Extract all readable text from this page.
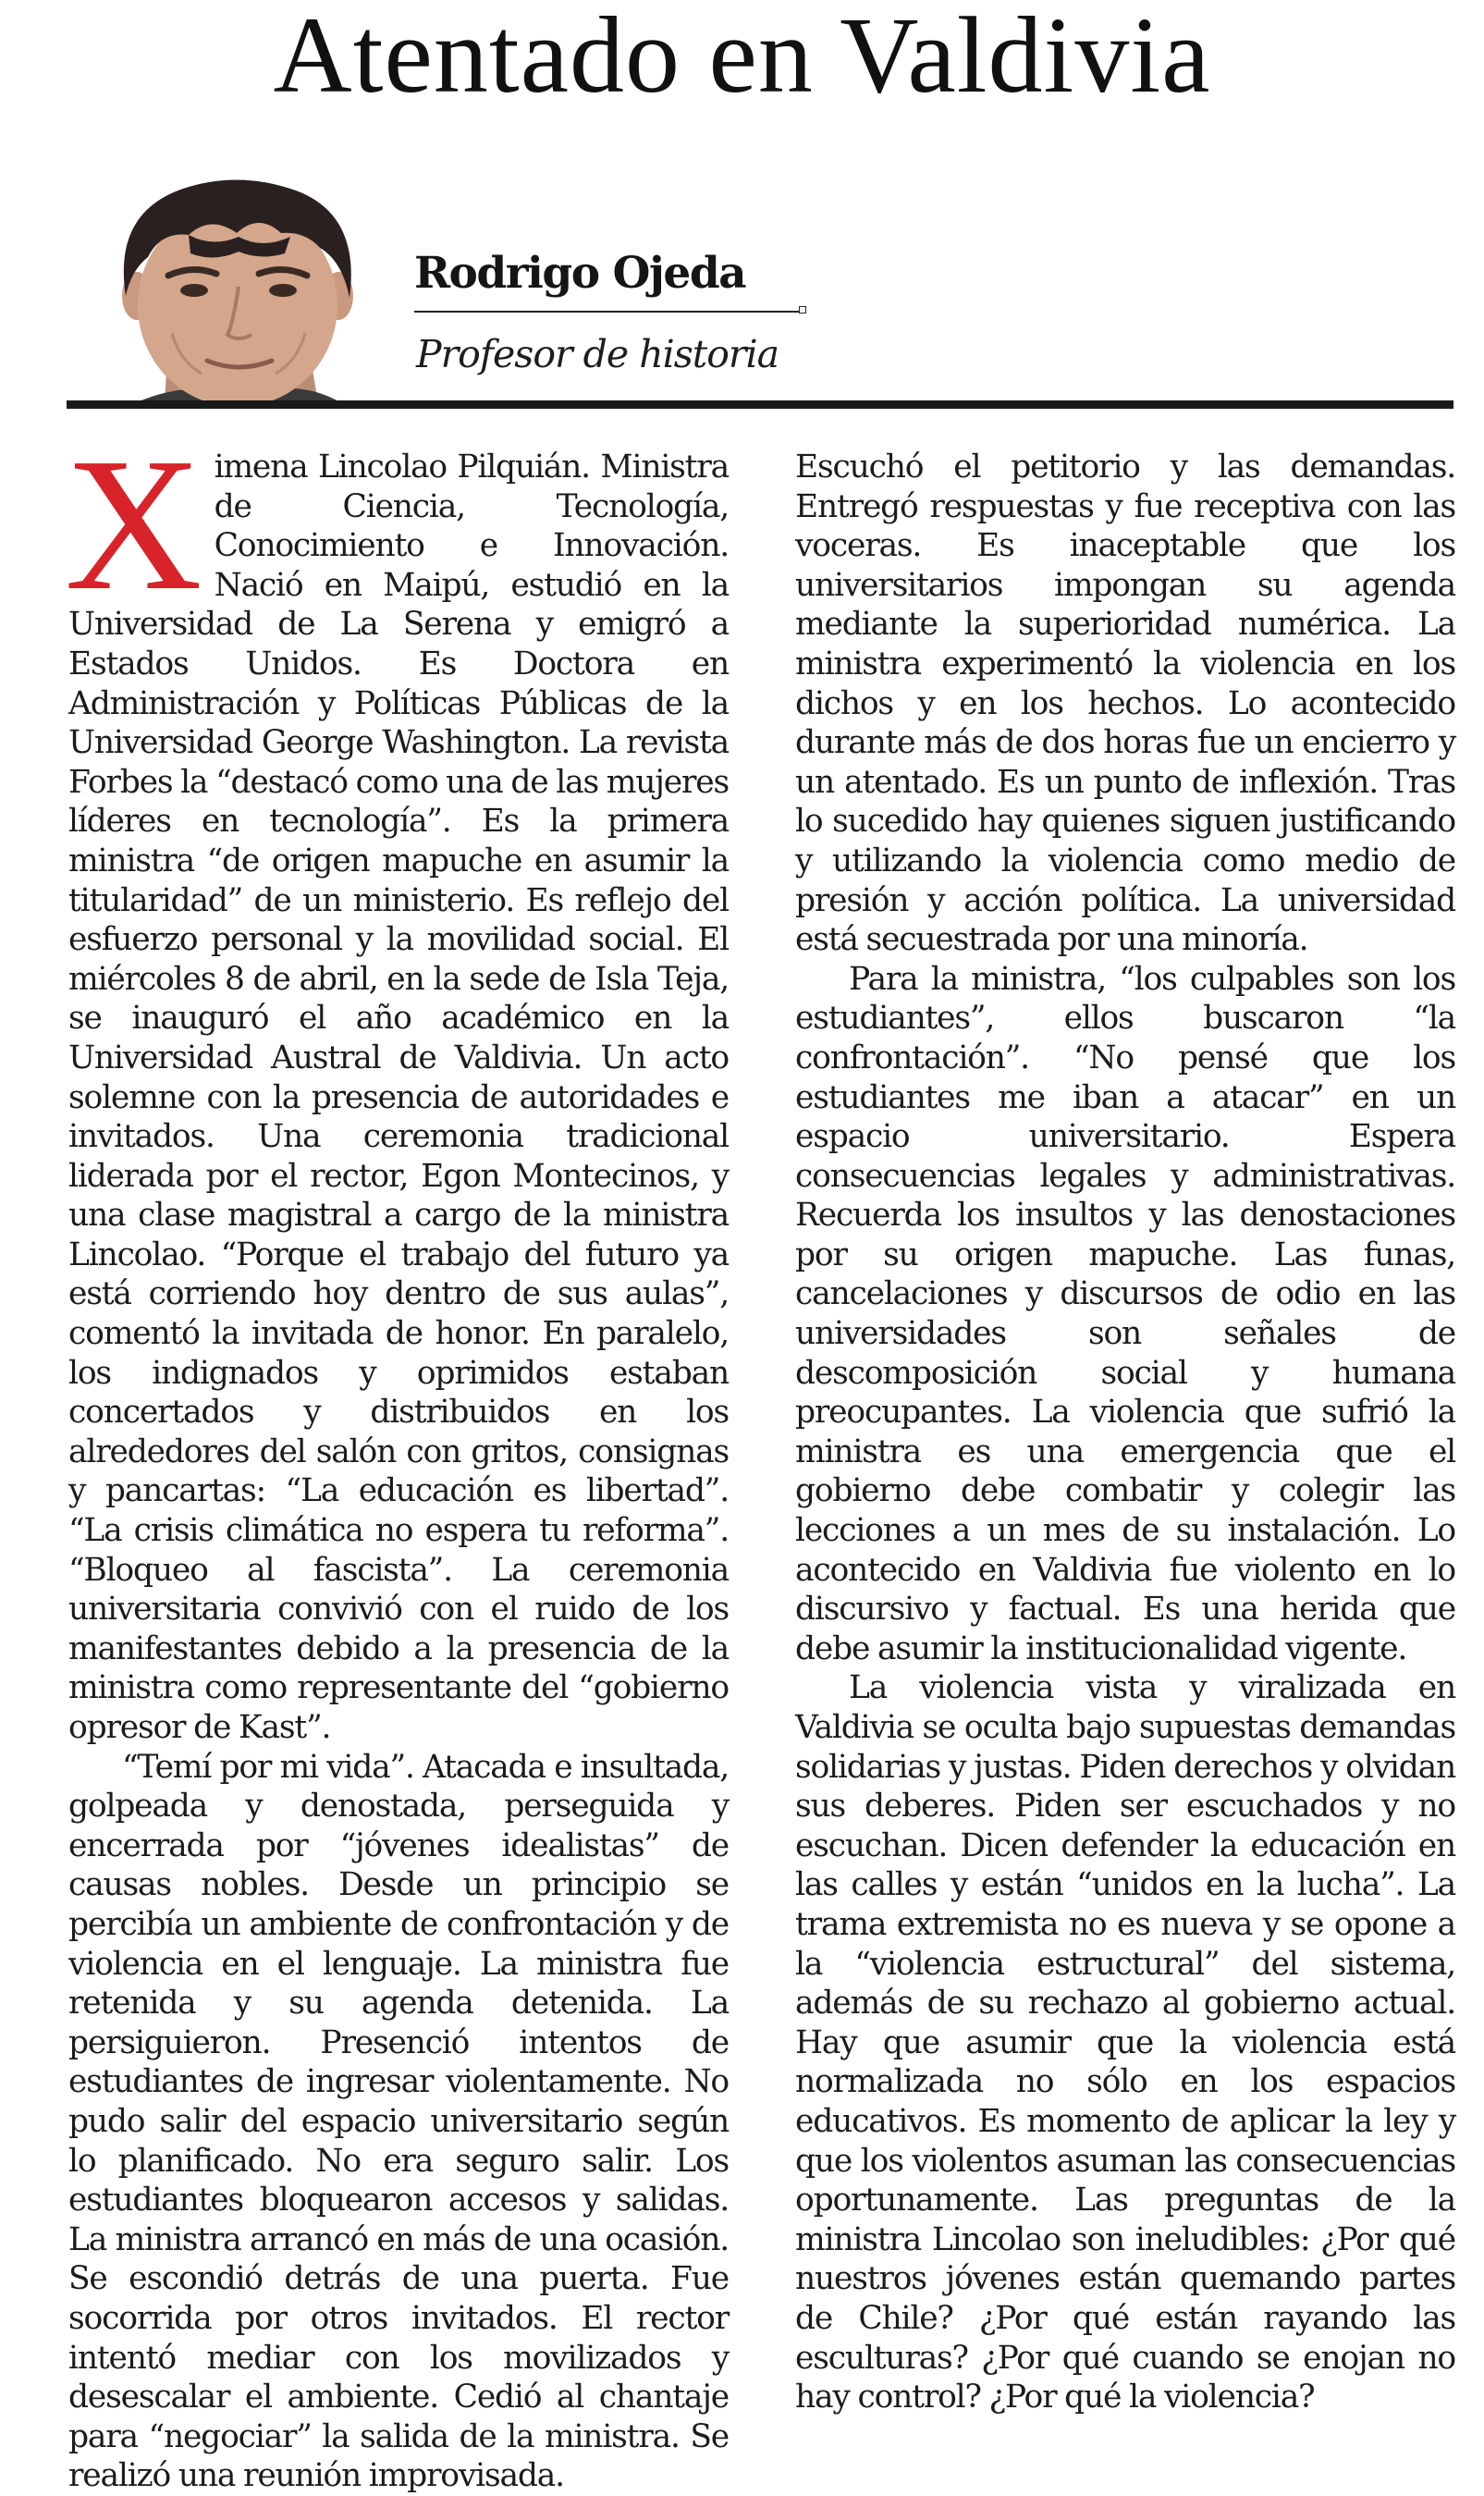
Atentado en Valdivia
Rodrigo Ojeda

Profesor de historia

Ximena Lincolao Pilquián. Ministra de Ciencia, Tecnología, Conocimiento e Innovación. Nació en Maipú, estudió en la Universidad de La Serena y emigró a Estados Unidos. Es Doctora en Administración y Políticas Públicas de la Universidad George Washington. La revista Forbes la “destacó como una de las mujeres líderes en tecnología”. Es la primera ministra “de origen mapuche en asumir la titularidad” de un ministerio. Es reflejo del esfuerzo personal y la movilidad social. El miércoles 8 de abril, en la sede de Isla Teja, se inauguró el año académico en la Universidad Austral de Valdivia. Un acto solemne con la presencia de autoridades e invitados. Una ceremonia tradicional liderada por el rector, Egon Montecinos, y una clase magistral a cargo de la ministra Lincolao. “Porque el trabajo del futuro ya está corriendo hoy dentro de sus aulas”, comentó la invitada de honor. En paralelo, los indignados y oprimidos estaban concertados y distribuidos en los alrededores del salón con gritos, consignas y pancartas: “La educación es libertad”. “La crisis climática no espera tu reforma”. “Bloqueo al fascista”. La ceremonia universitaria convivió con el ruido de los manifestantes debido a la presencia de la ministra como representante del “gobierno opresor de Kast”.

“Temí por mi vida”. Atacada e insultada, golpeada y denostada, perseguida y encerrada por “jóvenes idealistas” de causas nobles. Desde un principio se percibía un ambiente de confrontación y de violencia en el lenguaje. La ministra fue retenida y su agenda detenida. La persiguieron. Presenció intentos de estudiantes de ingresar violentamente. No pudo salir del espacio universitario según lo planificado. No era seguro salir. Los estudiantes bloquearon accesos y salidas. La ministra arrancó en más de una ocasión. Se escondió detrás de una puerta. Fue socorrida por otros invitados. El rector intentó mediar con los movilizados y desescalar el ambiente. Cedió al chantaje para “negociar” la salida de la ministra. Se realizó una reunión improvisada.

Escuchó el petitorio y las demandas. Entregó respuestas y fue receptiva con las voceras. Es inaceptable que los universitarios impongan su agenda mediante la superioridad numérica. La ministra experimentó la violencia en los dichos y en los hechos. Lo acontecido durante más de dos horas fue un encierro y un atentado. Es un punto de inflexión. Tras lo sucedido hay quienes siguen justificando y utilizando la violencia como medio de presión y acción política. La universidad está secuestrada por una minoría.

Para la ministra, “los culpables son los estudiantes”, ellos buscaron “la confrontación”. “No pensé que los estudiantes me iban a atacar” en un espacio universitario. Espera consecuencias legales y administrativas. Recuerda los insultos y las denostaciones por su origen mapuche. Las funas, cancelaciones y discursos de odio en las universidades son señales de descomposición social y humana preocupantes. La violencia que sufrió la ministra es una emergencia que el gobierno debe combatir y colegir las lecciones a un mes de su instalación. Lo acontecido en Valdivia fue violento en lo discursivo y factual. Es una herida que debe asumir la institucionalidad vigente.

La violencia vista y viralizada en Valdivia se oculta bajo supuestas demandas solidarias y justas. Piden derechos y olvidan sus deberes. Piden ser escuchados y no escuchan. Dicen defender la educación en las calles y están “unidos en la lucha”. La trama extremista no es nueva y se opone a la “violencia estructural” del sistema, además de su rechazo al gobierno actual. Hay que asumir que la violencia está normalizada no sólo en los espacios educativos. Es momento de aplicar la ley y que los violentos asuman las consecuencias oportunamente. Las preguntas de la ministra Lincolao son ineludibles: ¿Por qué nuestros jóvenes están quemando partes de Chile? ¿Por qué están rayando las esculturas? ¿Por qué cuando se enojan no hay control? ¿Por qué la violencia?
